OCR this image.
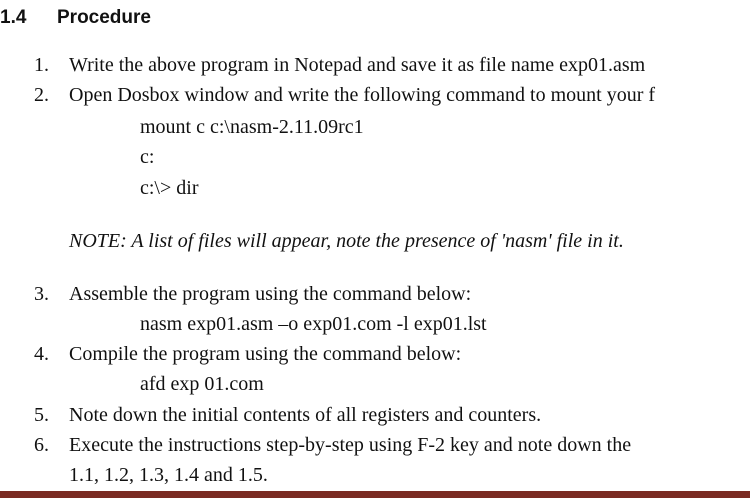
1.4 Procedure
1. Write the above program in Notepad and save it as file name exp01.asm
2. Open Dosbox window and write the following command to mount your f
mount c c:\nasm-2.11.09rc1
c:
c:\> dir
NOTE: A list of files will appear, note the presence of 'nasm' file in it.
3. Assemble the program using the command below:
nasm exp01.asm –o exp01.com -l exp01.lst
4. Compile the program using the command below:
afd exp 01.com
5. Note down the initial contents of all registers and counters.
6. Execute the instructions step-by-step using F-2 key and note down the
1.1, 1.2, 1.3, 1.4 and 1.5.
